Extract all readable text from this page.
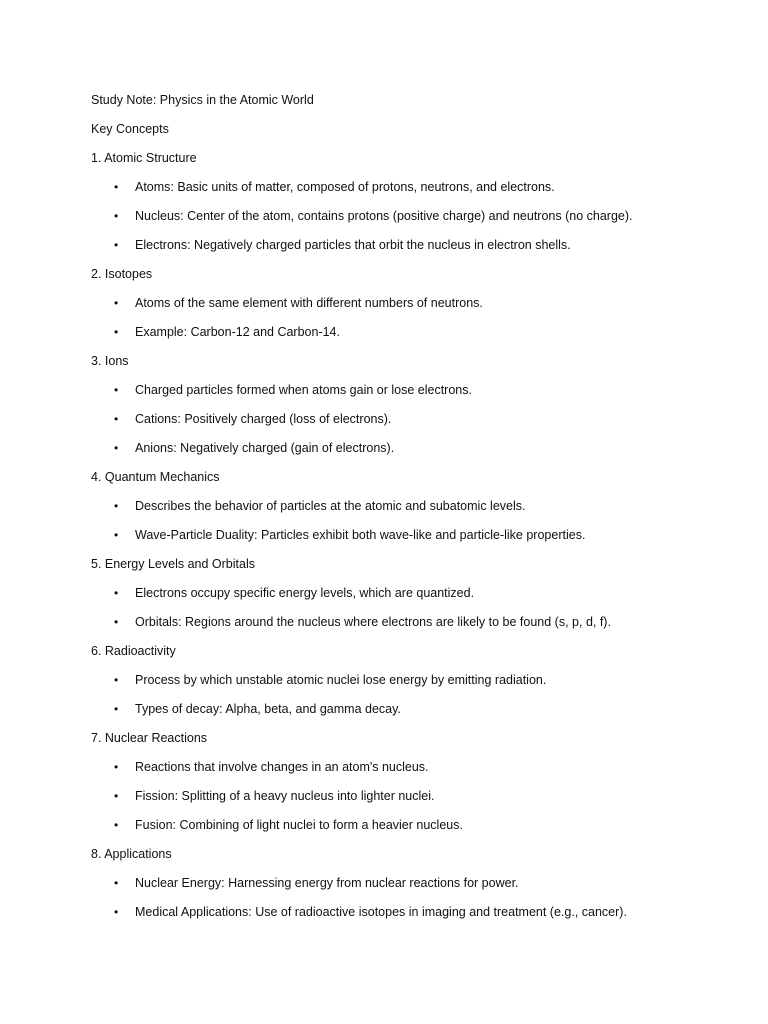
Study Note: Physics in the Atomic World

Key Concepts

1. Atomic Structure

• Atoms: Basic units of matter, composed of protons, neutrons, and electrons.
• Nucleus: Center of the atom, contains protons (positive charge) and neutrons (no charge).
• Electrons: Negatively charged particles that orbit the nucleus in electron shells.

2. Isotopes

• Atoms of the same element with different numbers of neutrons.
• Example: Carbon-12 and Carbon-14.

3. Ions

• Charged particles formed when atoms gain or lose electrons.
• Cations: Positively charged (loss of electrons).
• Anions: Negatively charged (gain of electrons).

4. Quantum Mechanics

• Describes the behavior of particles at the atomic and subatomic levels.
• Wave-Particle Duality: Particles exhibit both wave-like and particle-like properties.

5. Energy Levels and Orbitals

• Electrons occupy specific energy levels, which are quantized.
• Orbitals: Regions around the nucleus where electrons are likely to be found (s, p, d, f).

6. Radioactivity

• Process by which unstable atomic nuclei lose energy by emitting radiation.
• Types of decay: Alpha, beta, and gamma decay.

7. Nuclear Reactions

• Reactions that involve changes in an atom's nucleus.
• Fission: Splitting of a heavy nucleus into lighter nuclei.
• Fusion: Combining of light nuclei to form a heavier nucleus.

8. Applications

• Nuclear Energy: Harnessing energy from nuclear reactions for power.
• Medical Applications: Use of radioactive isotopes in imaging and treatment (e.g., cancer).
